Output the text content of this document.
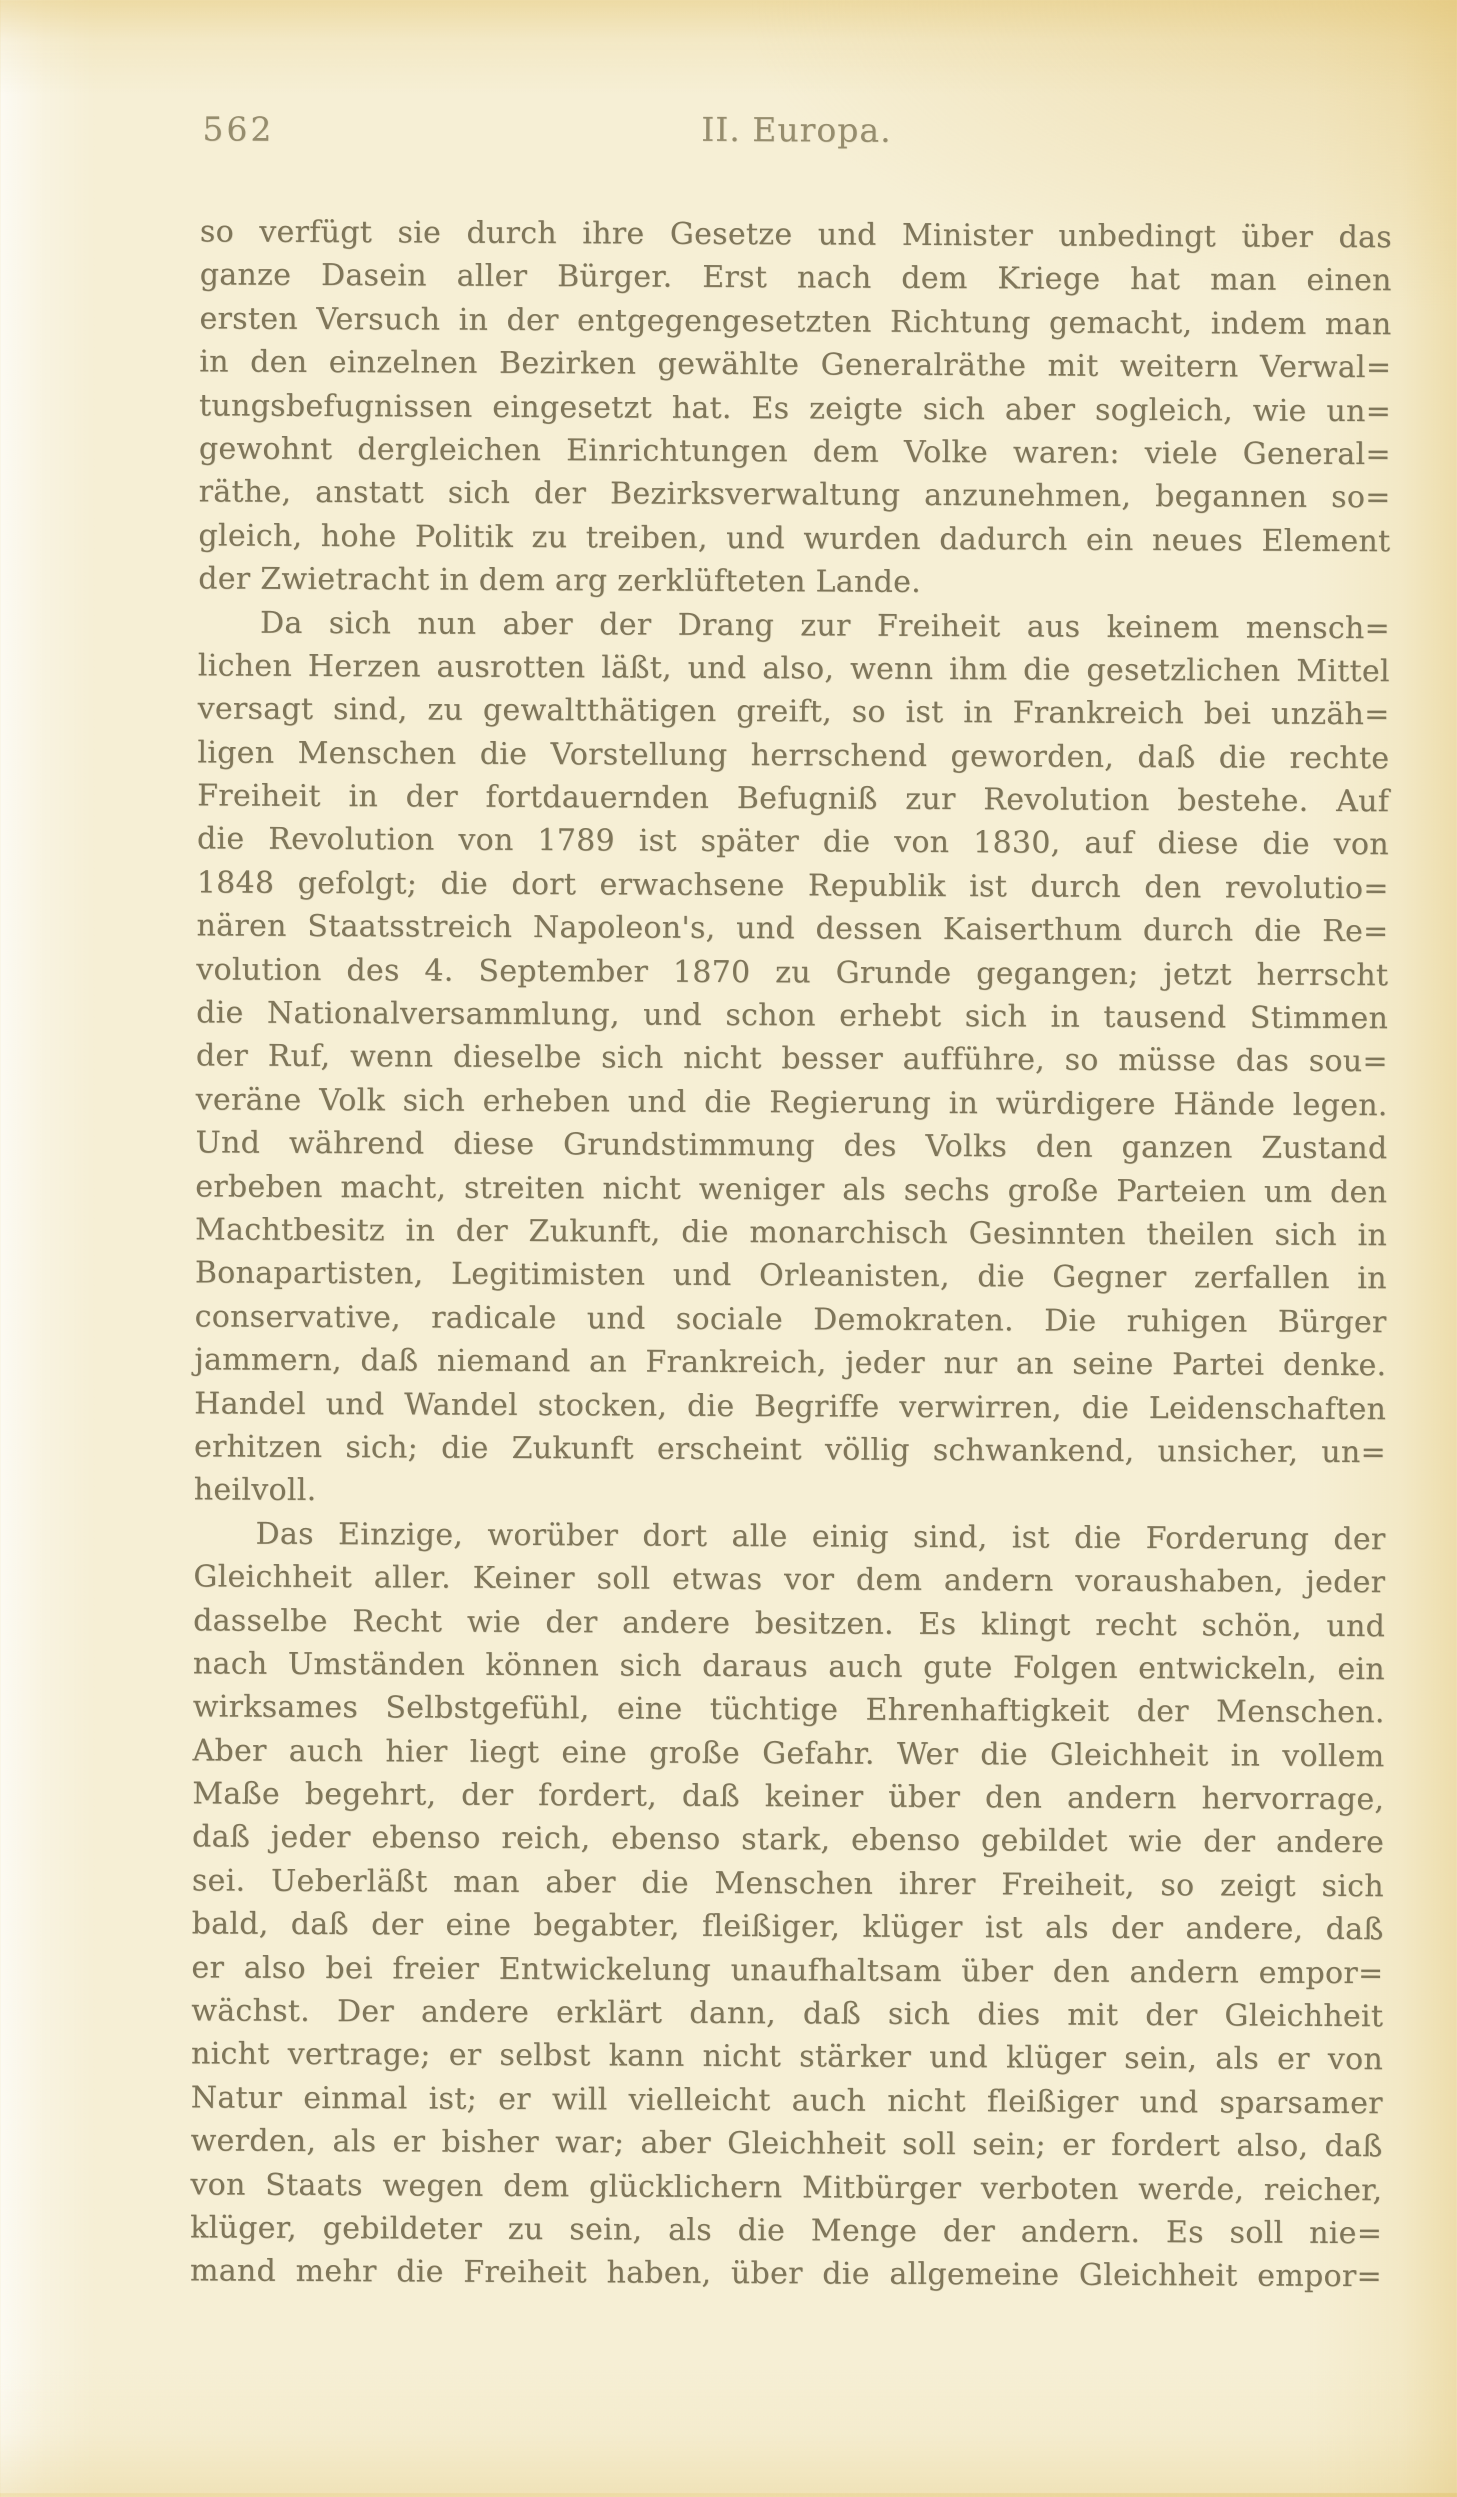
562	II. Europa.
so verfügt sie durch ihre Gesetze und Minister unbedingt über das
ganze Dasein aller Bürger. Erst nach dem Kriege hat man einen
ersten Versuch in der entgegengesetzten Richtung gemacht, indem man
in den einzelnen Bezirken gewählte Generalräthe mit weitern Verwal=
tungsbefugnissen eingesetzt hat. Es zeigte sich aber sogleich, wie un=
gewohnt dergleichen Einrichtungen dem Volke waren: viele General=
räthe, anstatt sich der Bezirksverwaltung anzunehmen, begannen so=
gleich, hohe Politik zu treiben, und wurden dadurch ein neues Element
der Zwietracht in dem arg zerklüfteten Lande.
Da sich nun aber der Drang zur Freiheit aus keinem mensch=
lichen Herzen ausrotten läßt, und also, wenn ihm die gesetzlichen Mittel
versagt sind, zu gewaltthätigen greift, so ist in Frankreich bei unzäh=
ligen Menschen die Vorstellung herrschend geworden, daß die rechte
Freiheit in der fortdauernden Befugniß zur Revolution bestehe. Auf
die Revolution von 1789 ist später die von 1830, auf diese die von
1848 gefolgt; die dort erwachsene Republik ist durch den revolutio=
nären Staatsstreich Napoleon's, und dessen Kaiserthum durch die Re=
volution des 4. September 1870 zu Grunde gegangen; jetzt herrscht
die Nationalversammlung, und schon erhebt sich in tausend Stimmen
der Ruf, wenn dieselbe sich nicht besser aufführe, so müsse das sou=
veräne Volk sich erheben und die Regierung in würdigere Hände legen.
Und während diese Grundstimmung des Volks den ganzen Zustand
erbeben macht, streiten nicht weniger als sechs große Parteien um den
Machtbesitz in der Zukunft, die monarchisch Gesinnten theilen sich in
Bonapartisten, Legitimisten und Orleanisten, die Gegner zerfallen in
conservative, radicale und sociale Demokraten. Die ruhigen Bürger
jammern, daß niemand an Frankreich, jeder nur an seine Partei denke.
Handel und Wandel stocken, die Begriffe verwirren, die Leidenschaften
erhitzen sich; die Zukunft erscheint völlig schwankend, unsicher, un=
heilvoll.
Das Einzige, worüber dort alle einig sind, ist die Forderung der
Gleichheit aller. Keiner soll etwas vor dem andern voraushaben, jeder
dasselbe Recht wie der andere besitzen. Es klingt recht schön, und
nach Umständen können sich daraus auch gute Folgen entwickeln, ein
wirksames Selbstgefühl, eine tüchtige Ehrenhaftigkeit der Menschen.
Aber auch hier liegt eine große Gefahr. Wer die Gleichheit in vollem
Maße begehrt, der fordert, daß keiner über den andern hervorrage,
daß jeder ebenso reich, ebenso stark, ebenso gebildet wie der andere
sei. Ueberläßt man aber die Menschen ihrer Freiheit, so zeigt sich
bald, daß der eine begabter, fleißiger, klüger ist als der andere, daß
er also bei freier Entwickelung unaufhaltsam über den andern empor=
wächst. Der andere erklärt dann, daß sich dies mit der Gleichheit
nicht vertrage; er selbst kann nicht stärker und klüger sein, als er von
Natur einmal ist; er will vielleicht auch nicht fleißiger und sparsamer
werden, als er bisher war; aber Gleichheit soll sein; er fordert also, daß
von Staats wegen dem glücklichern Mitbürger verboten werde, reicher,
klüger, gebildeter zu sein, als die Menge der andern. Es soll nie=
mand mehr die Freiheit haben, über die allgemeine Gleichheit empor=
